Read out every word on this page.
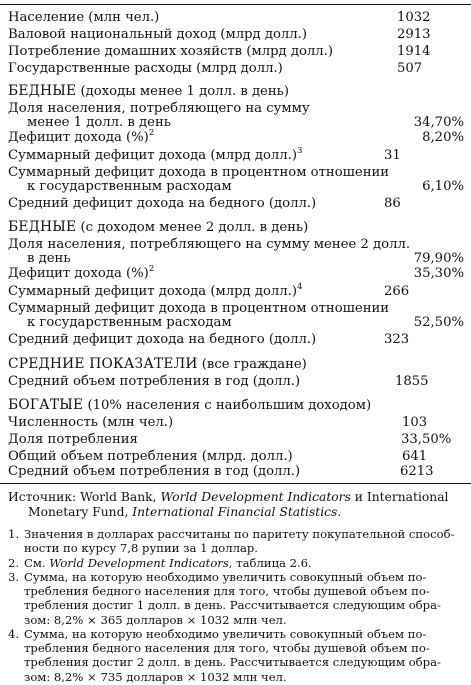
Население (млн чел.)	1032
Валовой национальный доход (млрд долл.)	2913
Потребление домашних хозяйств (млрд долл.)	1914
Государственные расходы (млрд долл.)	507
БЕДНЫЕ (доходы менее 1 долл. в день)
Доля населения, потребляющего на сумму
менее 1 долл. в день	34,70%
Дефицит дохода (%)$^2$	8,20%
Суммарный дефицит дохода (млрд долл.)$^3$	31
Суммарный дефицит дохода в процентном отношении
к государственным расходам	6,10%
Средний дефицит дохода на бедного (долл.)	86
БЕДНЫЕ (с доходом менее 2 долл. в день)
Доля населения, потребляющего на сумму менее 2 долл.
в день	79,90%
Дефицит дохода (%)$^2$	35,30%
Суммарный дефицит дохода (млрд долл.)$^4$	266
Суммарный дефицит дохода в процентном отношении
к государственным расходам	52,50%
Средний дефицит дохода на бедного (долл.)	323
СРЕДНИЕ ПОКАЗАТЕЛИ (все граждане)
Средний объем потребления в год (долл.)	1855
БОГАТЫЕ (10% населения с наибольшим доходом)
Численность (млн чел.)	103
Доля потребления	33,50%
Общий объем потребления (млрд. долл.)	641
Средний объем потребления в год (долл.)	6213
Источник: World Bank, World Development Indicators и International
Monetary Fund, International Financial Statistics.
1. Значения в долларах рассчитаны по паритету покупательной способ-
ности по курсу 7,8 рупии за 1 доллар.
2. См. World Development Indicators, таблица 2.6.
3. Сумма, на которую необходимо увеличить совокупный объем по-
требления бедного населения для того, чтобы душевой объем по-
требления достиг 1 долл. в день. Рассчитывается следующим обра-
зом: 8,2% × 365 долларов × 1032 млн чел.
4. Сумма, на которую необходимо увеличить совокупный объем по-
требления бедного населения для того, чтобы душевой объем по-
требления достиг 2 долл. в день. Рассчитывается следующим обра-
зом: 8,2% × 735 долларов × 1032 млн чел.
